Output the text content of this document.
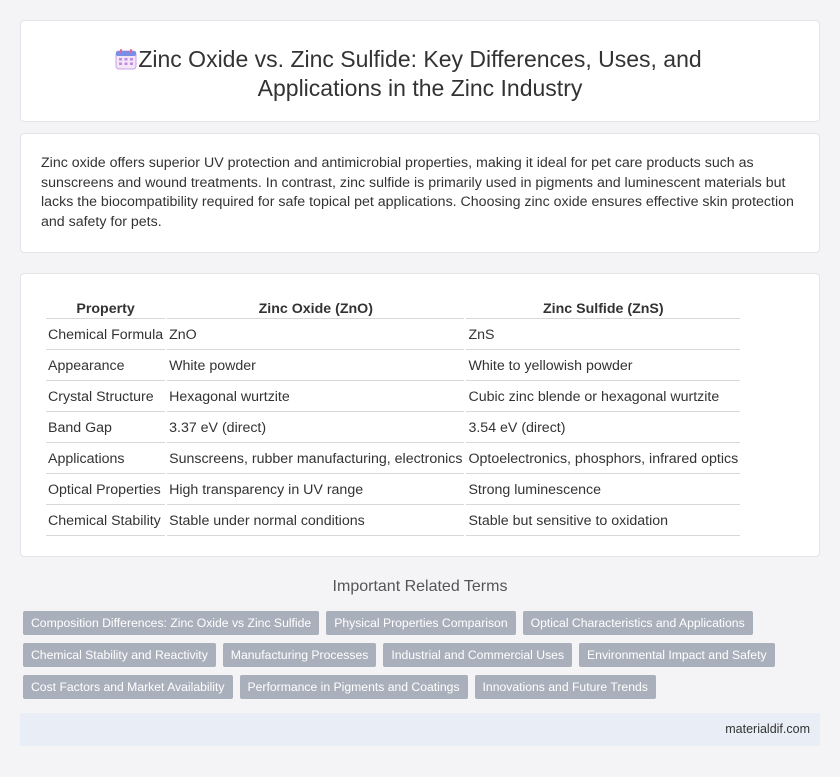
Zinc Oxide vs. Zinc Sulfide: Key Differences, Uses, and Applications in the Zinc Industry

Zinc oxide offers superior UV protection and antimicrobial properties, making it ideal for pet care products such as sunscreens and wound treatments. In contrast, zinc sulfide is primarily used in pigments and luminescent materials but lacks the biocompatibility required for safe topical pet applications. Choosing zinc oxide ensures effective skin protection and safety for pets.

Property	Zinc Oxide (ZnO)	Zinc Sulfide (ZnS)
Chemical Formula	ZnO	ZnS
Appearance	White powder	White to yellowish powder
Crystal Structure	Hexagonal wurtzite	Cubic zinc blende or hexagonal wurtzite
Band Gap	3.37 eV (direct)	3.54 eV (direct)
Applications	Sunscreens, rubber manufacturing, electronics	Optoelectronics, phosphors, infrared optics
Optical Properties	High transparency in UV range	Strong luminescence
Chemical Stability	Stable under normal conditions	Stable but sensitive to oxidation
Important Related Terms
Composition Differences: Zinc Oxide vs Zinc Sulfide	Physical Properties Comparison	Optical Characteristics and Applications
Chemical Stability and Reactivity	Manufacturing Processes	Industrial and Commercial Uses	Environmental Impact and Safety
Cost Factors and Market Availability	Performance in Pigments and Coatings	Innovations and Future Trends
materialdif.com
